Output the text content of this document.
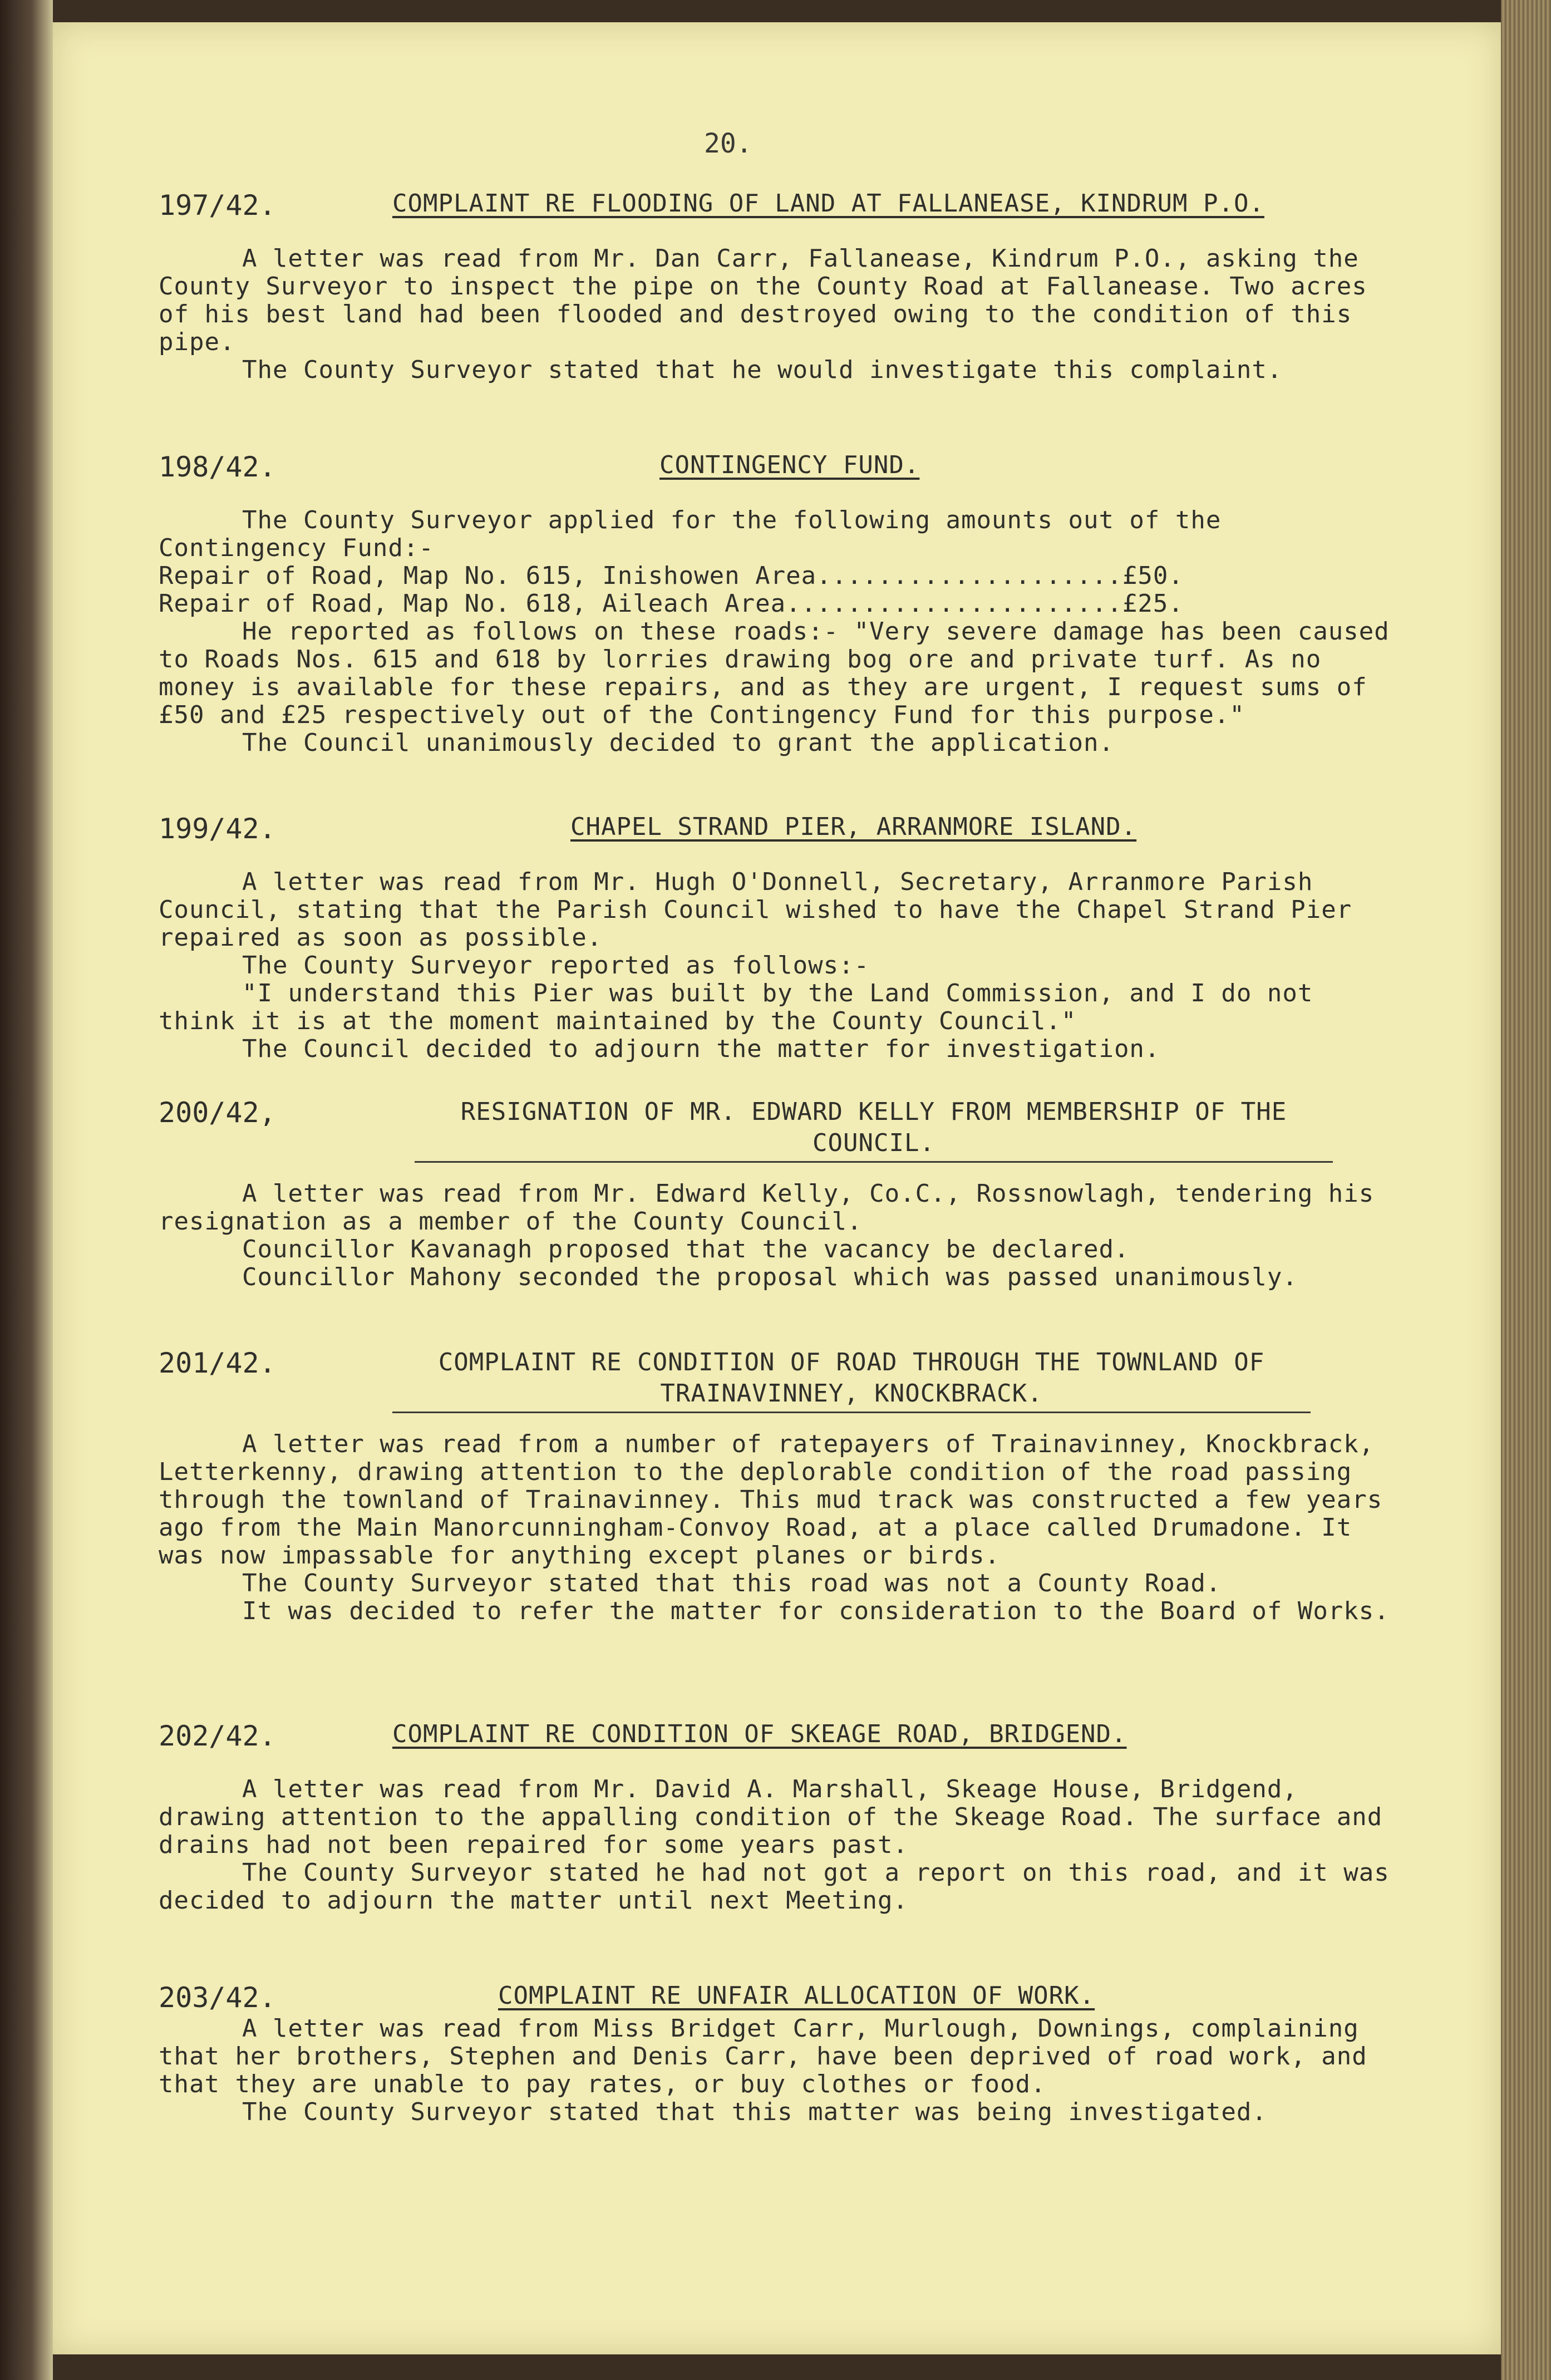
20.
197/42.	COMPLAINT RE FLOODING OF LAND AT FALLANEASE, KINDRUM P.O.

A letter was read from Mr. Dan Carr, Fallanease, Kindrum P.O., asking the County Surveyor to inspect the pipe on the County Road at Fallanease. Two acres of his best land had been flooded and destroyed owing to the condition of this pipe.

The County Surveyor stated that he would investigate this complaint.

198/42.	CONTINGENCY FUND.

The County Surveyor applied for the following amounts out of the Contingency Fund:-

Repair of Road, Map No. 615, Inishowen Area....................£50.

Repair of Road, Map No. 618, Aileach Area......................£25.

He reported as follows on these roads:- "Very severe damage has been caused to Roads Nos. 615 and 618 by lorries drawing bog ore and private turf. As no money is available for these repairs, and as they are urgent, I request sums of £50 and £25 respectively out of the Contingency Fund for this purpose."

The Council unanimously decided to grant the application.

199/42.	CHAPEL STRAND PIER, ARRANMORE ISLAND.

A letter was read from Mr. Hugh O'Donnell, Secretary, Arranmore Parish Council, stating that the Parish Council wished to have the Chapel Strand Pier repaired as soon as possible.

The County Surveyor reported as follows:-

"I understand this Pier was built by the Land Commission, and I do not think it is at the moment maintained by the County Council."

The Council decided to adjourn the matter for investigation.

200/42,	RESIGNATION OF MR. EDWARD KELLY FROM MEMBERSHIP OF THE COUNCIL.

A letter was read from Mr. Edward Kelly, Co.C., Rossnowlagh, tendering his resignation as a member of the County Council.

Councillor Kavanagh proposed that the vacancy be declared.

Councillor Mahony seconded the proposal which was passed unanimously.

201/42.	COMPLAINT RE CONDITION OF ROAD THROUGH THE TOWNLAND OF TRAINAVINNEY, KNOCKBRACK.

A letter was read from a number of ratepayers of Trainavinney, Knockbrack, Letterkenny, drawing attention to the deplorable condition of the road passing through the townland of Trainavinney. This mud track was constructed a few years ago from the Main Manorcunningham-Convoy Road, at a place called Drumadone. It was now impassable for anything except planes or birds.

The County Surveyor stated that this road was not a County Road.

It was decided to refer the matter for consideration to the Board of Works.

202/42.	COMPLAINT RE CONDITION OF SKEAGE ROAD, BRIDGEND.

A letter was read from Mr. David A. Marshall, Skeage House, Bridgend, drawing attention to the appalling condition of the Skeage Road. The surface and drains had not been repaired for some years past.

The County Surveyor stated he had not got a report on this road, and it was decided to adjourn the matter until next Meeting.

203/42.	COMPLAINT RE UNFAIR ALLOCATION OF WORK.

A letter was read from Miss Bridget Carr, Murlough, Downings, complaining that her brothers, Stephen and Denis Carr, have been deprived of road work, and that they are unable to pay rates, or buy clothes or food.

The County Surveyor stated that this matter was being investigated.
